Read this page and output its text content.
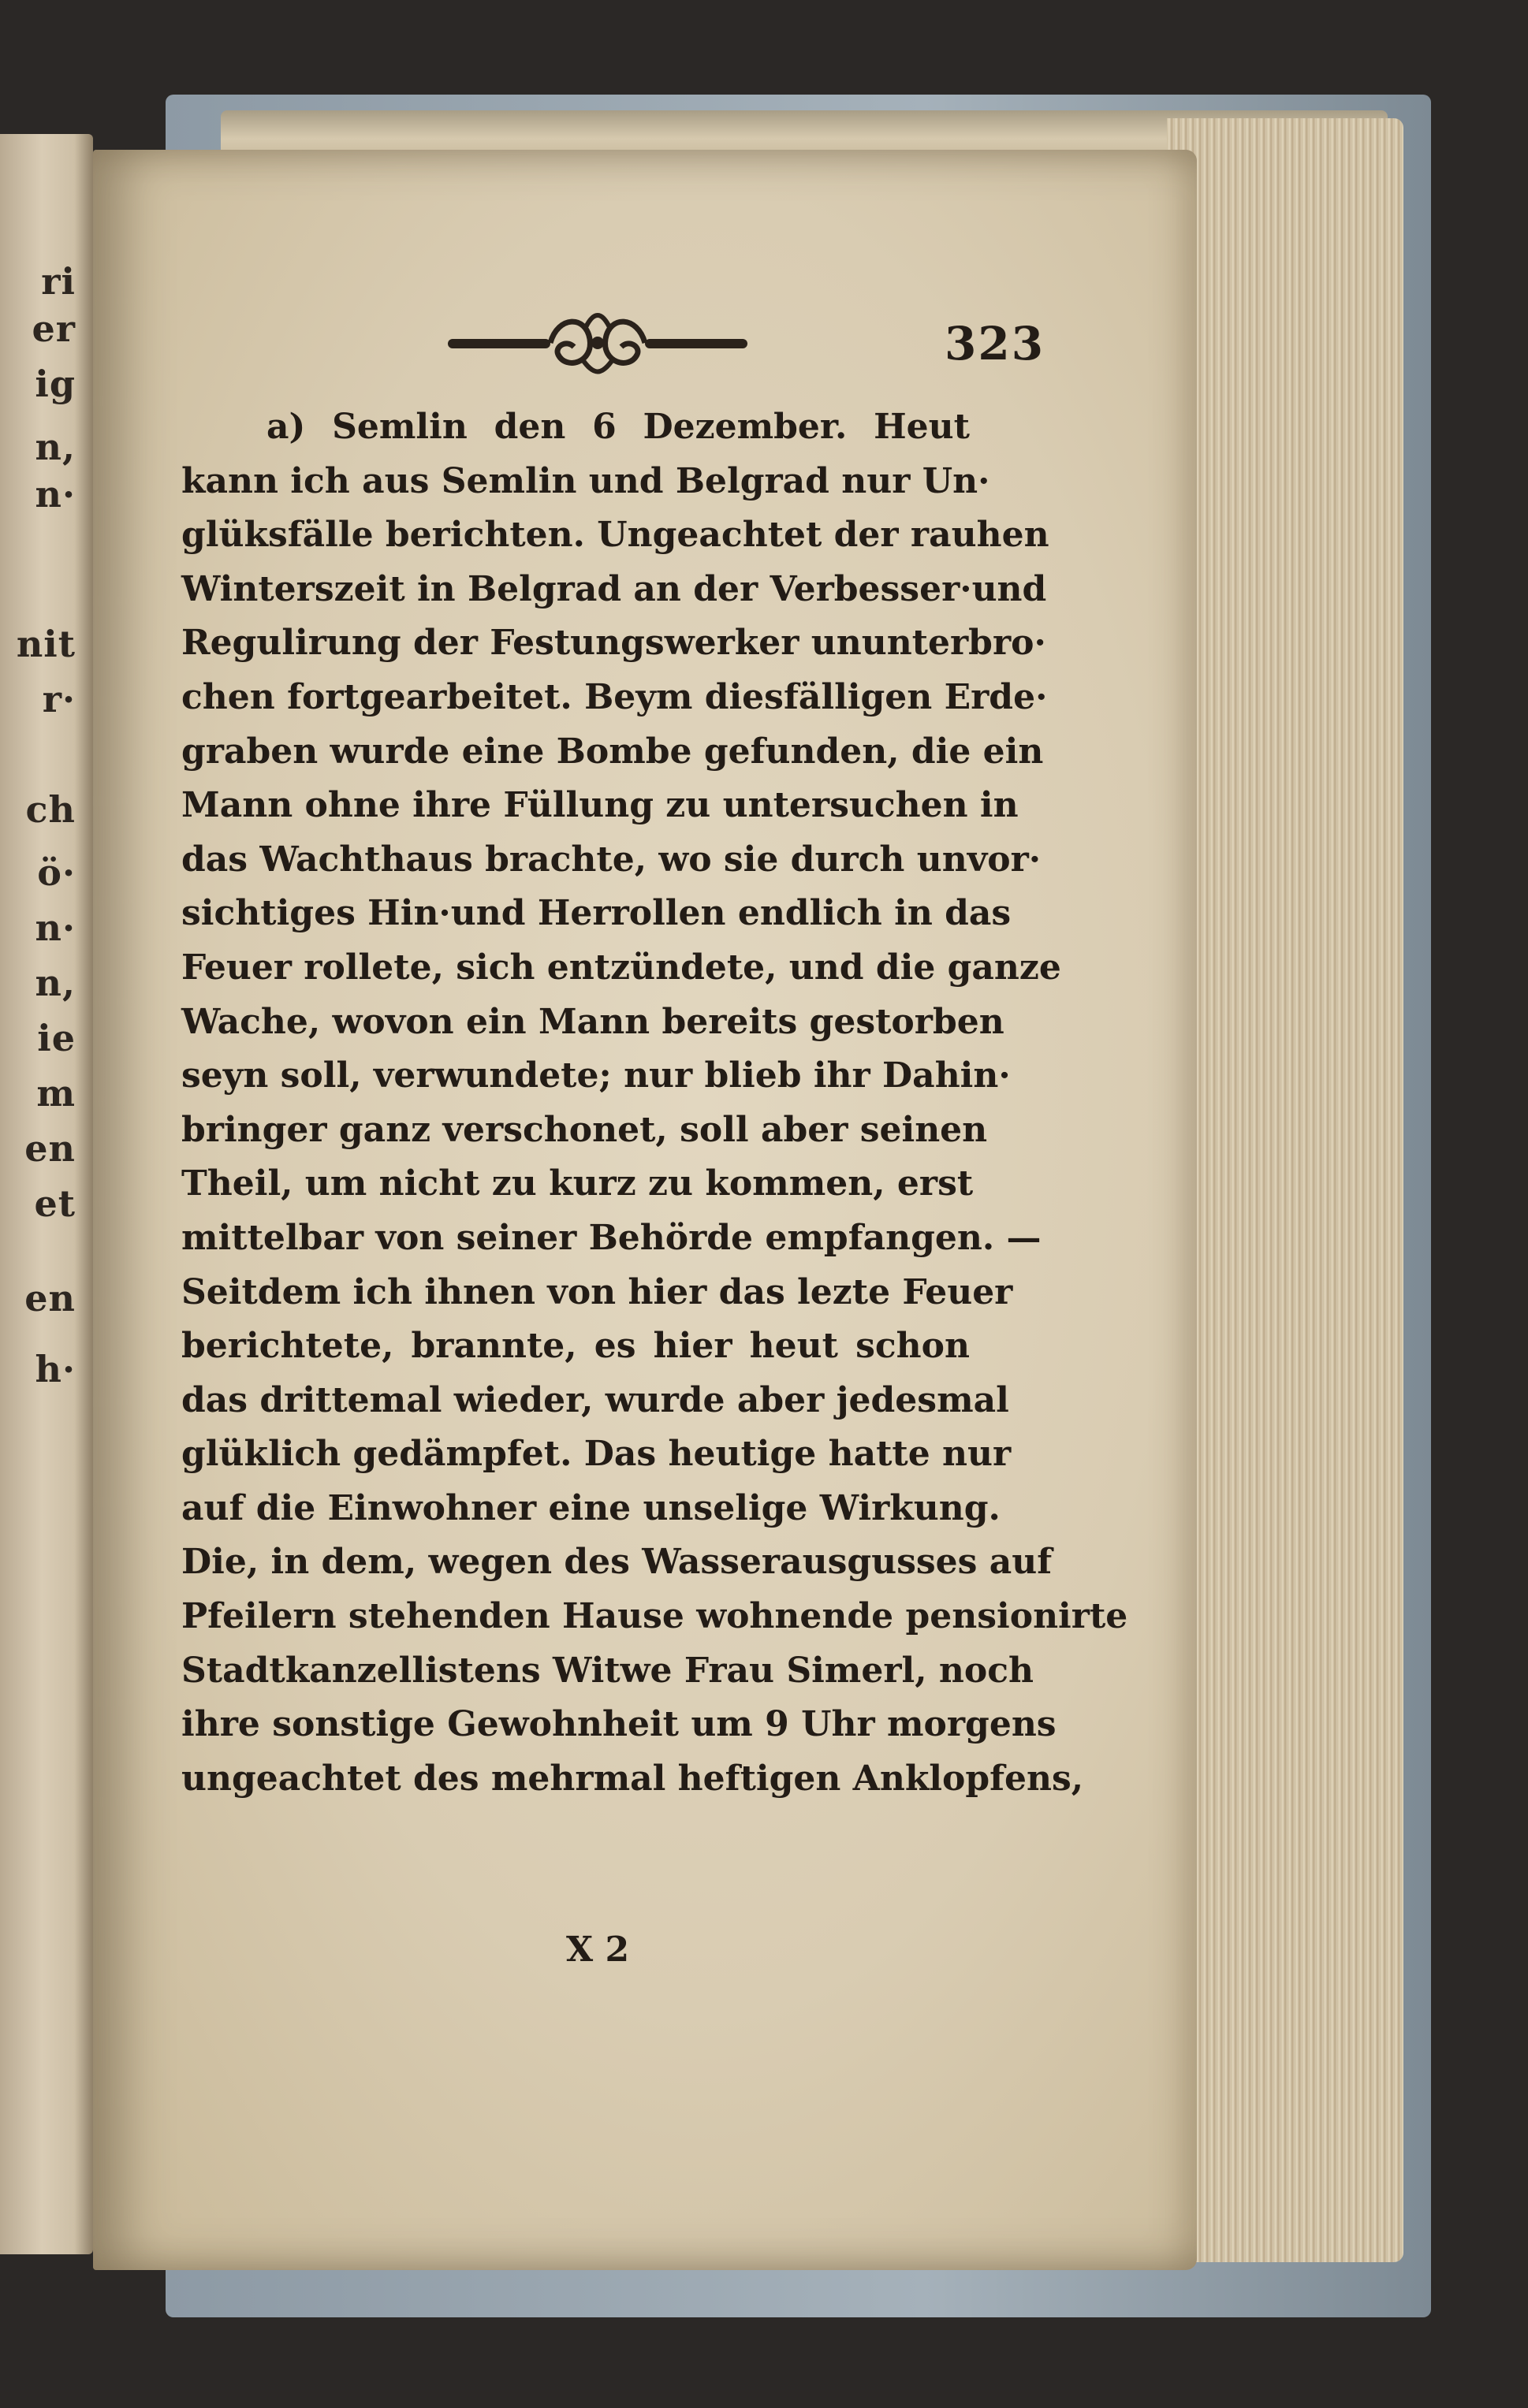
ri
er
ig
n,
n·
nit
r·
ch
ö·
n·
n,
ie
m
en
et
en
h·
323
a) Semlin den 6 Dezember. Heut
kann ich aus Semlin und Belgrad nur Un·
glüksfälle berichten. Ungeachtet der rauhen
Winterszeit in Belgrad an der Verbesser·und
Regulirung der Festungswerker ununterbro·
chen fortgearbeitet. Beym diesfälligen Erde·
graben wurde eine Bombe gefunden, die ein
Mann ohne ihre Füllung zu untersuchen in
das Wachthaus brachte, wo sie durch unvor·
sichtiges Hin·und Herrollen endlich in das
Feuer rollete, sich entzündete, und die ganze
Wache, wovon ein Mann bereits gestorben
seyn soll, verwundete; nur blieb ihr Dahin·
bringer ganz verschonet, soll aber seinen
Theil, um nicht zu kurz zu kommen, erst
mittelbar von seiner Behörde empfangen. —
Seitdem ich ihnen von hier das lezte Feuer
berichtete, brannte, es hier heut schon
das drittemal wieder, wurde aber jedesmal
glüklich gedämpfet. Das heutige hatte nur
auf die Einwohner eine unselige Wirkung.
Die, in dem, wegen des Wasserausgusses auf
Pfeilern stehenden Hause wohnende pensionirte
Stadtkanzellistens Witwe Frau Simerl, noch
ihre sonstige Gewohnheit um 9 Uhr morgens
ungeachtet des mehrmal heftigen Anklopfens,
X 2
